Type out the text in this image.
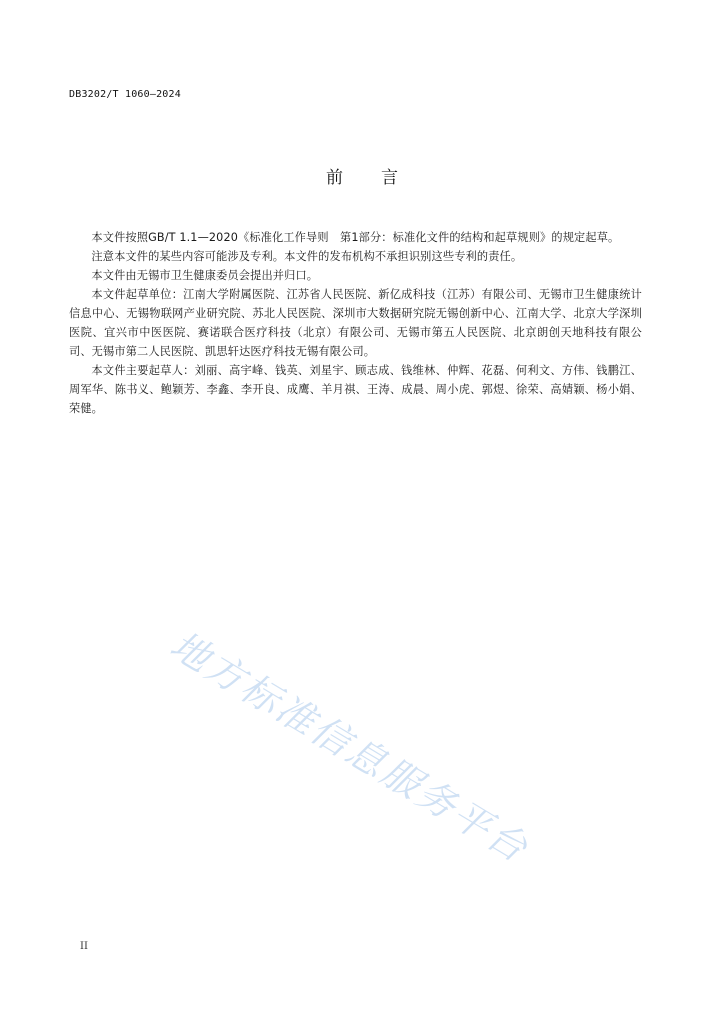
DB3202/T 1060—2024
前 言

本文件按照GB/T 1.1—2020《标准化工作导则　第1部分：标准化文件的结构和起草规则》的规定起草。

注意本文件的某些内容可能涉及专利。本文件的发布机构不承担识别这些专利的责任。

本文件由无锡市卫生健康委员会提出并归口。

本文件起草单位：江南大学附属医院、江苏省人民医院、新亿成科技（江苏）有限公司、无锡市卫生健康统计信息中心、无锡物联网产业研究院、苏北人民医院、深圳市大数据研究院无锡创新中心、江南大学、北京大学深圳医院、宜兴市中医医院、赛诺联合医疗科技（北京）有限公司、无锡市第五人民医院、北京朗创天地科技有限公司、无锡市第二人民医院、凯思轩达医疗科技无锡有限公司。

本文件主要起草人：刘丽、高宇峰、钱英、刘星宇、顾志成、钱维林、仲辉、花磊、何利文、方伟、钱鹏江、周军华、陈书义、鲍颖芳、李鑫、李开良、成鹰、羊月祺、王涛、成晨、周小虎、郭煜、徐荣、高婧颖、杨小娟、荣健。

地方标准信息服务平台
II
